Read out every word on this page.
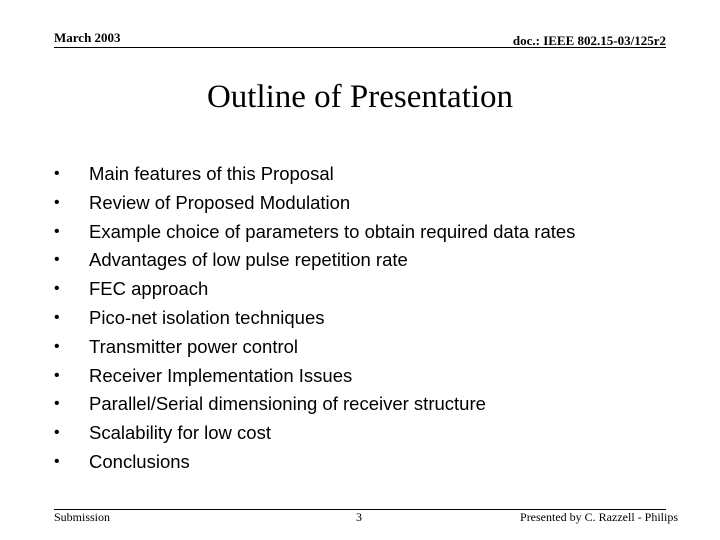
March 2003	doc.: IEEE 802.15-03/125r2
Outline of Presentation
•	Main features of this Proposal
•	Review of Proposed Modulation
•	Example choice of parameters to obtain required data rates
•	Advantages of low pulse repetition rate
•	FEC approach
•	Pico-net isolation techniques
•	Transmitter power control
•	Receiver Implementation Issues
•	Parallel/Serial dimensioning of receiver structure
•	Scalability for low cost
•	Conclusions
Submission	3	Presented by C. Razzell - Philips
